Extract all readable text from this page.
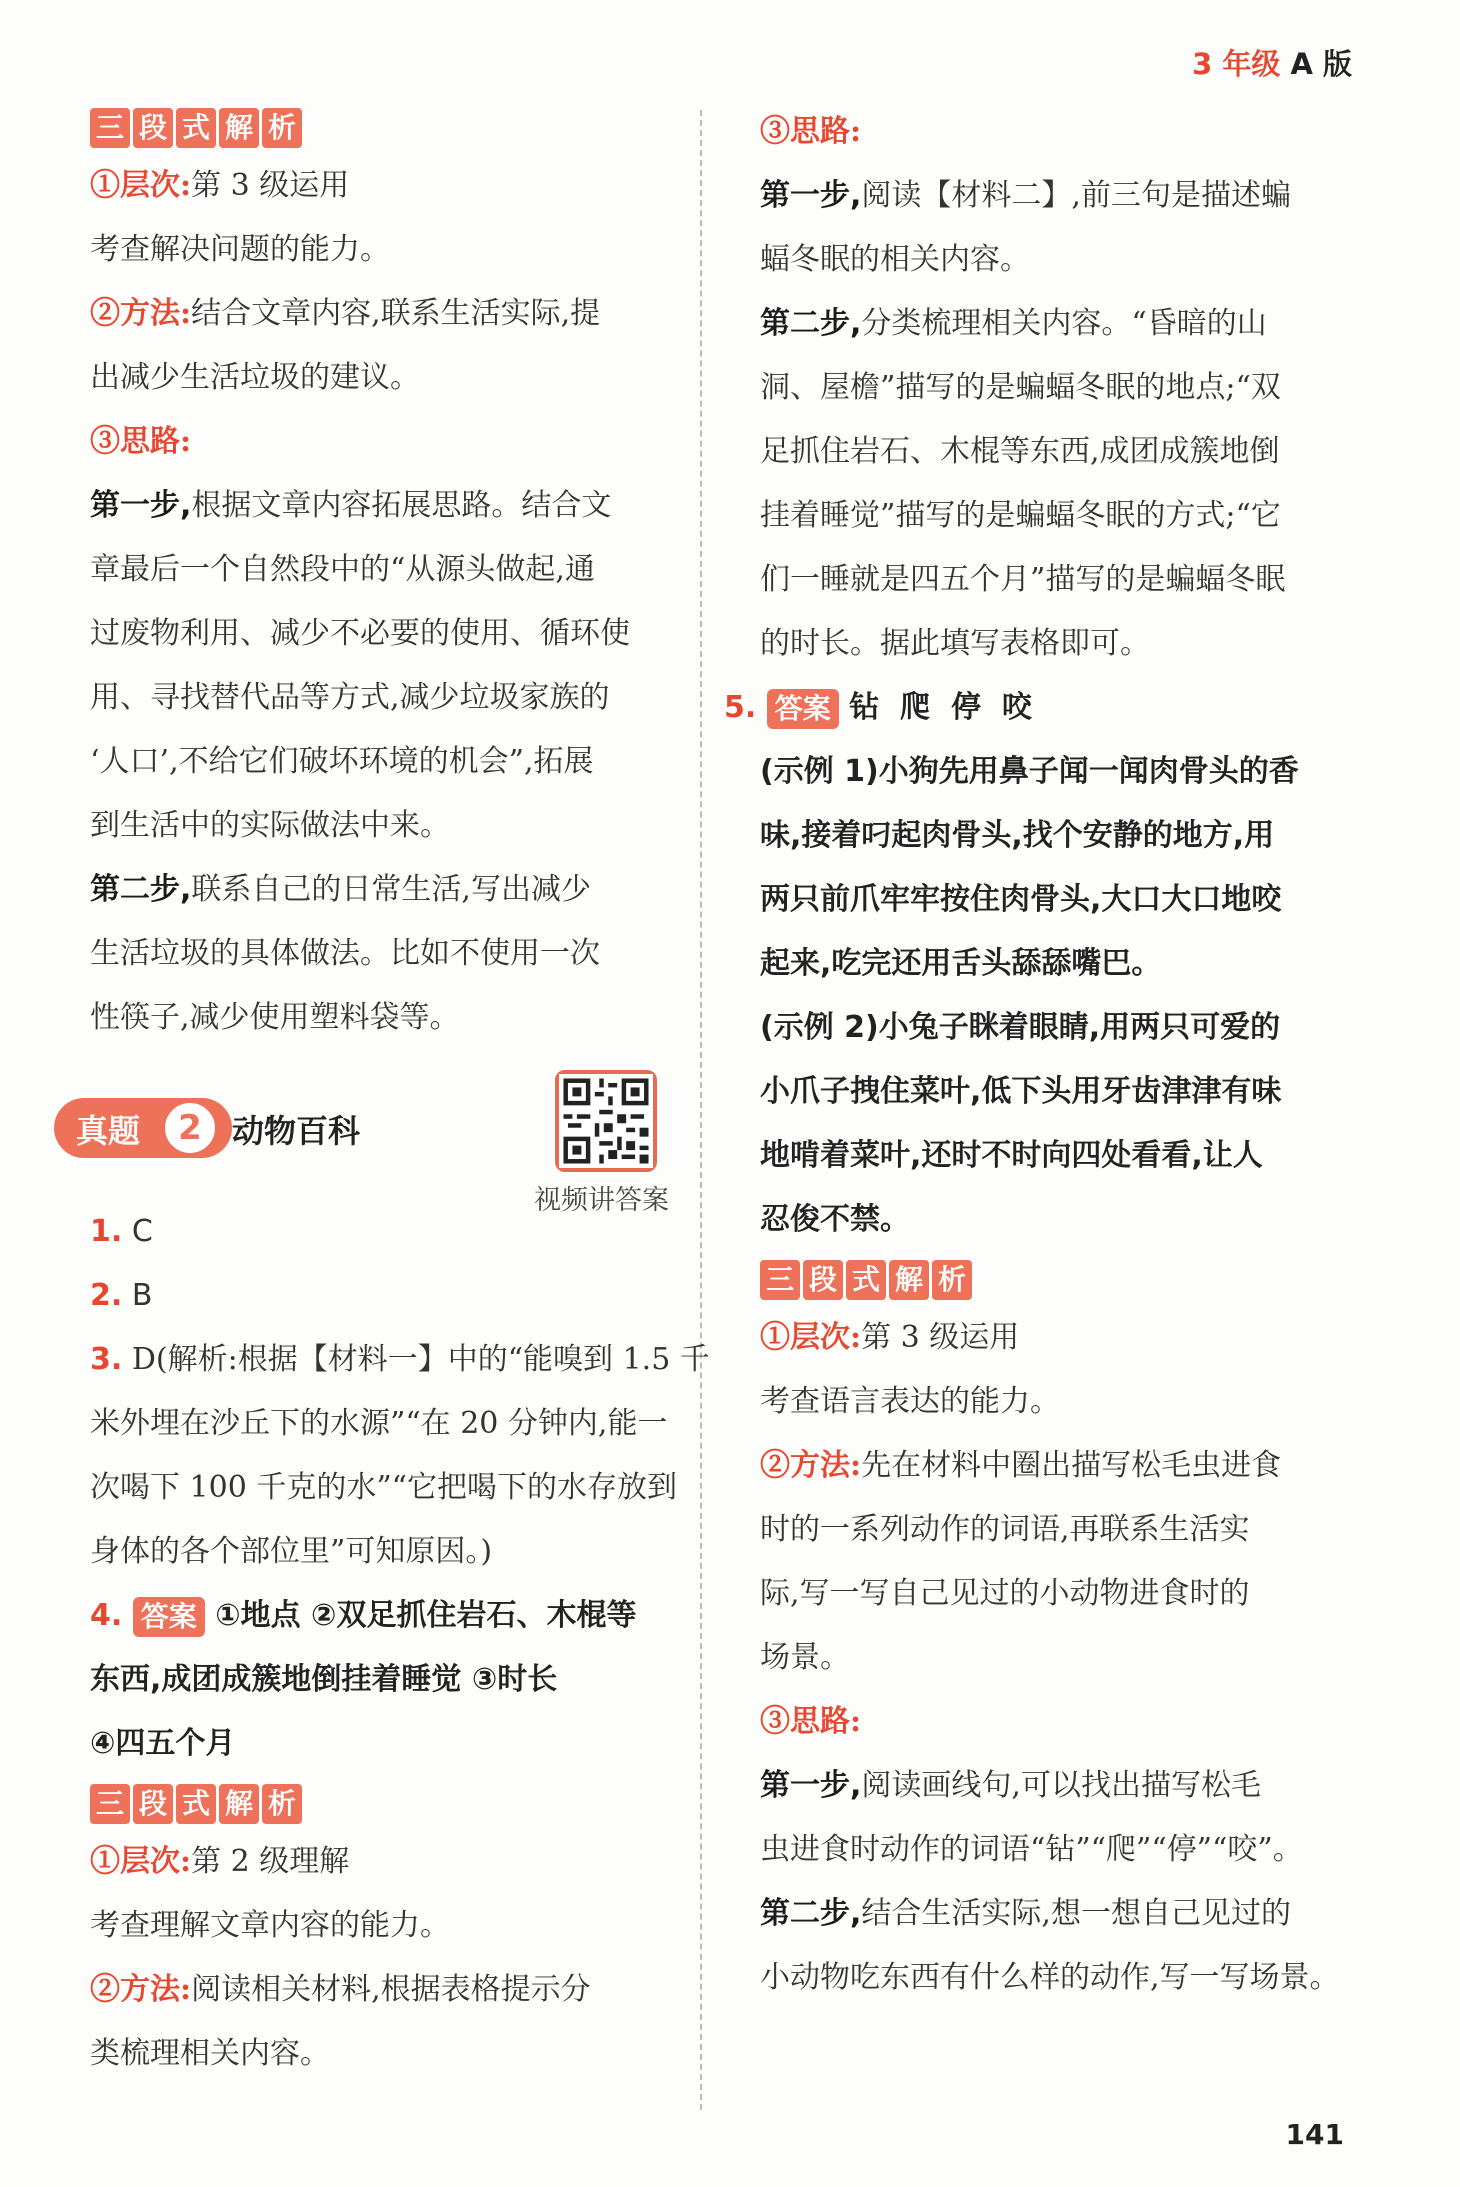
3 年级 A 版
三 段 式 解 析
①层次:第 3 级运用
考查解决问题的能力。
②方法:结合文章内容,联系生活实际,提
出减少生活垃圾的建议。
③思路:
第一步,根据文章内容拓展思路。结合文
章最后一个自然段中的“从源头做起,通
过废物利用、减少不必要的使用、循环使
用、寻找替代品等方式,减少垃圾家族的
‘人口’,不给它们破坏环境的机会”,拓展
到生活中的实际做法中来。
第二步,联系自己的日常生活,写出减少
生活垃圾的具体做法。比如不使用一次
性筷子,减少使用塑料袋等。
真题	2 动物百科
视频讲答案
1. C
2. B
3. D(解析:根据【材料一】中的“能嗅到 1.5 千
米外埋在沙丘下的水源”“在 20 分钟内,能一
次喝下 100 千克的水”“它把喝下的水存放到
身体的各个部位里”可知原因。)
4. 答案 ①地点 ②双足抓住岩石、木棍等
东西,成团成簇地倒挂着睡觉 ③时长
④四五个月
三 段 式 解 析
①层次:第 2 级理解
考查理解文章内容的能力。
②方法:阅读相关材料,根据表格提示分
类梳理相关内容。
③思路:
第一步,阅读【材料二】,前三句是描述蝙
蝠冬眠的相关内容。
第二步,分类梳理相关内容。“昏暗的山
洞、屋檐”描写的是蝙蝠冬眠的地点;“双
足抓住岩石、木棍等东西,成团成簇地倒
挂着睡觉”描写的是蝙蝠冬眠的方式;“它
们一睡就是四五个月”描写的是蝙蝠冬眠
的时长。据此填写表格即可。
5. 答案 钻  爬  停  咬
(示例 1)小狗先用鼻子闻一闻肉骨头的香
味,接着叼起肉骨头,找个安静的地方,用
两只前爪牢牢按住肉骨头,大口大口地咬
起来,吃完还用舌头舔舔嘴巴。
(示例 2)小兔子眯着眼睛,用两只可爱的
小爪子拽住菜叶,低下头用牙齿津津有味
地啃着菜叶,还时不时向四处看看,让人
忍俊不禁。
三 段 式 解 析
①层次:第 3 级运用
考查语言表达的能力。
②方法:先在材料中圈出描写松毛虫进食
时的一系列动作的词语,再联系生活实
际,写一写自己见过的小动物进食时的
场景。
③思路:
第一步,阅读画线句,可以找出描写松毛
虫进食时动作的词语“钻”“爬”“停”“咬”。
第二步,结合生活实际,想一想自己见过的
小动物吃东西有什么样的动作,写一写场景。
141
